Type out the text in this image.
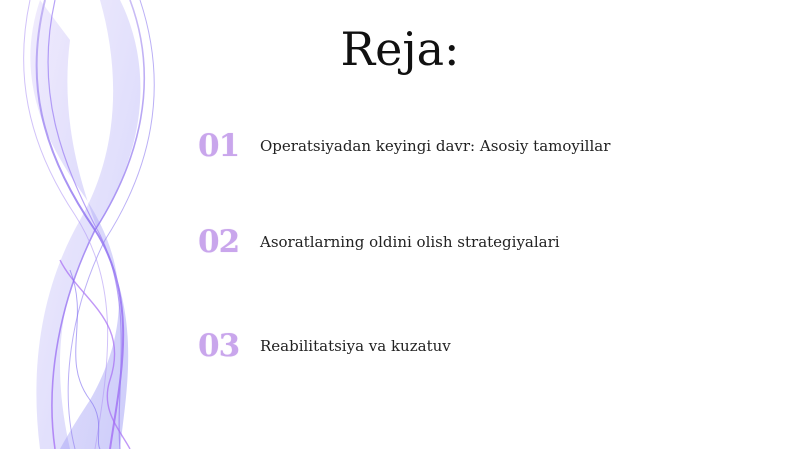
Reja:
01	Operatsiyadan keyingi davr: Asosiy tamoyillar
02	Asoratlarning oldini olish strategiyalari
03	Reabilitatsiya va kuzatuv
